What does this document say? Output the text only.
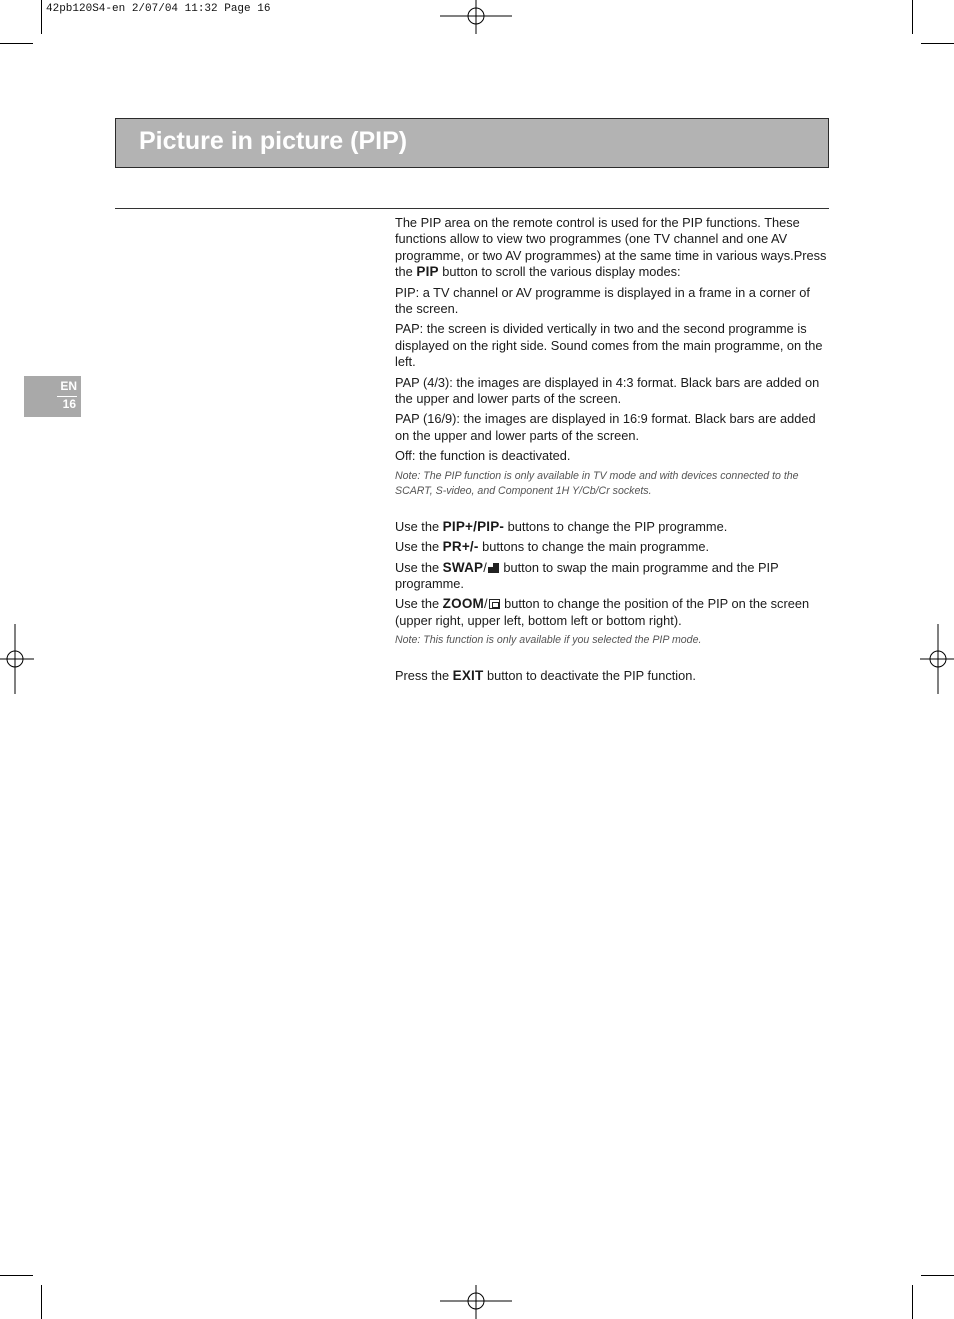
42pb120S4-en 2/07/04 11:32 Page 16
Picture in picture (PIP)
EN
16

The PIP area on the remote control is used for the PIP functions. These functions allow to view two programmes (one TV channel and one AV programme, or two AV programmes) at the same time in various ways.Press the PIP button to scroll the various display modes:

PIP: a TV channel or AV programme is displayed in a frame in a corner of the screen.

PAP: the screen is divided vertically in two and the second programme is displayed on the right side. Sound comes from the main programme, on the left.

PAP (4/3): the images are displayed in 4:3 format. Black bars are added on the upper and lower parts of the screen.

PAP (16/9): the images are displayed in 16:9 format. Black bars are added on the upper and lower parts of the screen.

Off: the function is deactivated.

Note: The PIP function is only available in TV mode and with devices connected to the SCART, S-video, and Component 1H Y/Cb/Cr sockets.

Use the PIP+/PIP- buttons to change the PIP programme.

Use the PR+/- buttons to change the main programme.

Use the SWAP/ button to swap the main programme and the PIP programme.

Use the ZOOM/ button to change the position of the PIP on the screen (upper right, upper left, bottom left or bottom right).

Note: This function is only available if you selected the PIP mode.

Press the EXIT button to deactivate the PIP function.
